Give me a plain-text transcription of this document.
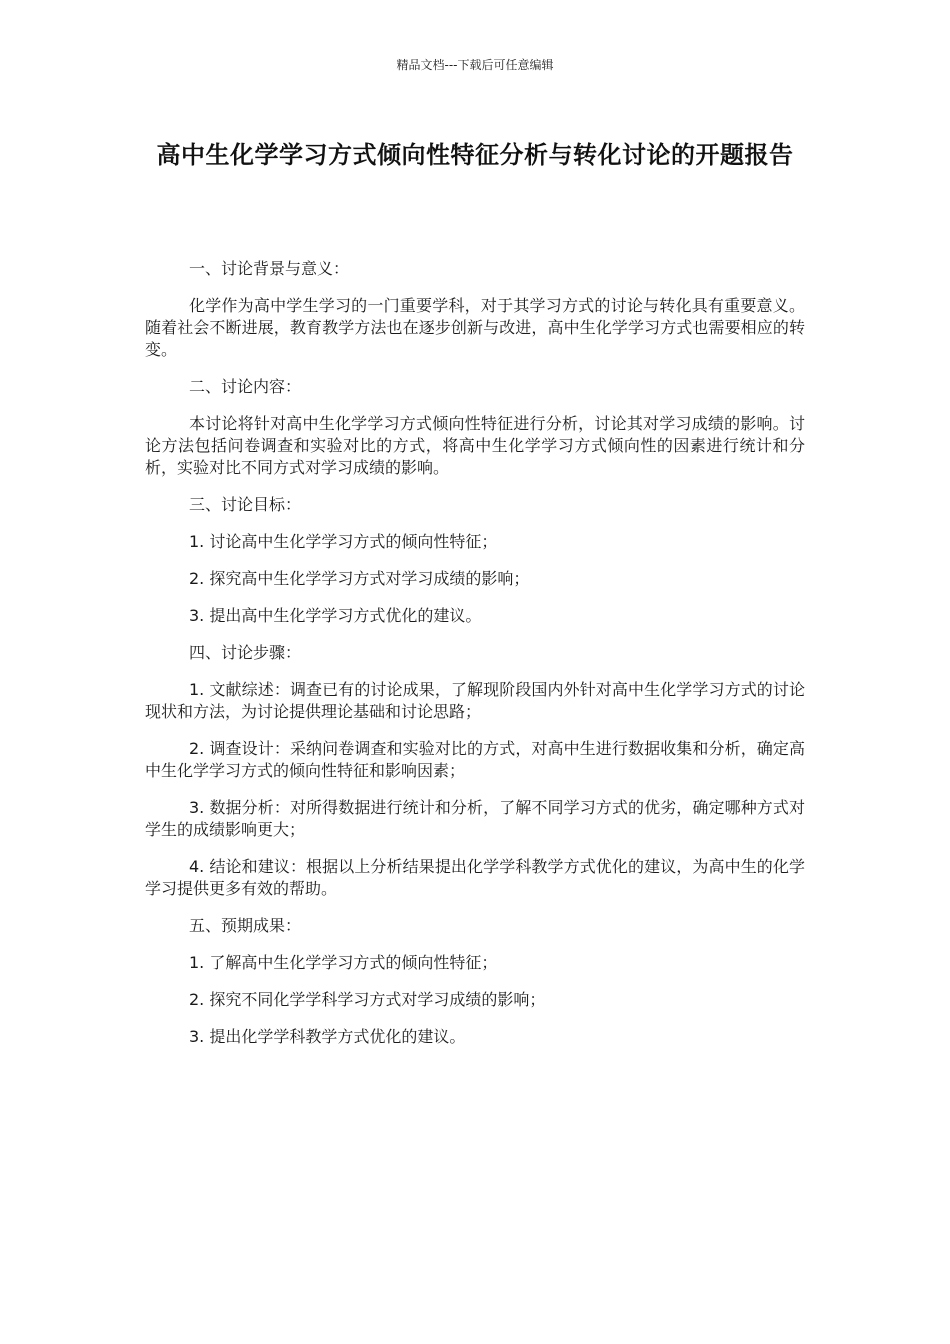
精品文档---下载后可任意编辑
高中生化学学习方式倾向性特征分析与转化讨论的开题报告

一、讨论背景与意义：

化学作为高中学生学习的一门重要学科，对于其学习方式的讨论与转化具有重要意义。随着社会不断进展，教育教学方法也在逐步创新与改进，高中生化学学习方式也需要相应的转变。

二、讨论内容：

本讨论将针对高中生化学学习方式倾向性特征进行分析，讨论其对学习成绩的影响。讨论方法包括问卷调查和实验对比的方式，将高中生化学学习方式倾向性的因素进行统计和分析，实验对比不同方式对学习成绩的影响。

三、讨论目标：

1. 讨论高中生化学学习方式的倾向性特征；

2. 探究高中生化学学习方式对学习成绩的影响；

3. 提出高中生化学学习方式优化的建议。

四、讨论步骤：

1. 文献综述：调查已有的讨论成果，了解现阶段国内外针对高中生化学学习方式的讨论现状和方法，为讨论提供理论基础和讨论思路；

2. 调查设计：采纳问卷调查和实验对比的方式，对高中生进行数据收集和分析，确定高中生化学学习方式的倾向性特征和影响因素；

3. 数据分析：对所得数据进行统计和分析，了解不同学习方式的优劣，确定哪种方式对学生的成绩影响更大；

4. 结论和建议：根据以上分析结果提出化学学科教学方式优化的建议，为高中生的化学学习提供更多有效的帮助。

五、预期成果：

1. 了解高中生化学学习方式的倾向性特征；

2. 探究不同化学学科学习方式对学习成绩的影响；

3. 提出化学学科教学方式优化的建议。
